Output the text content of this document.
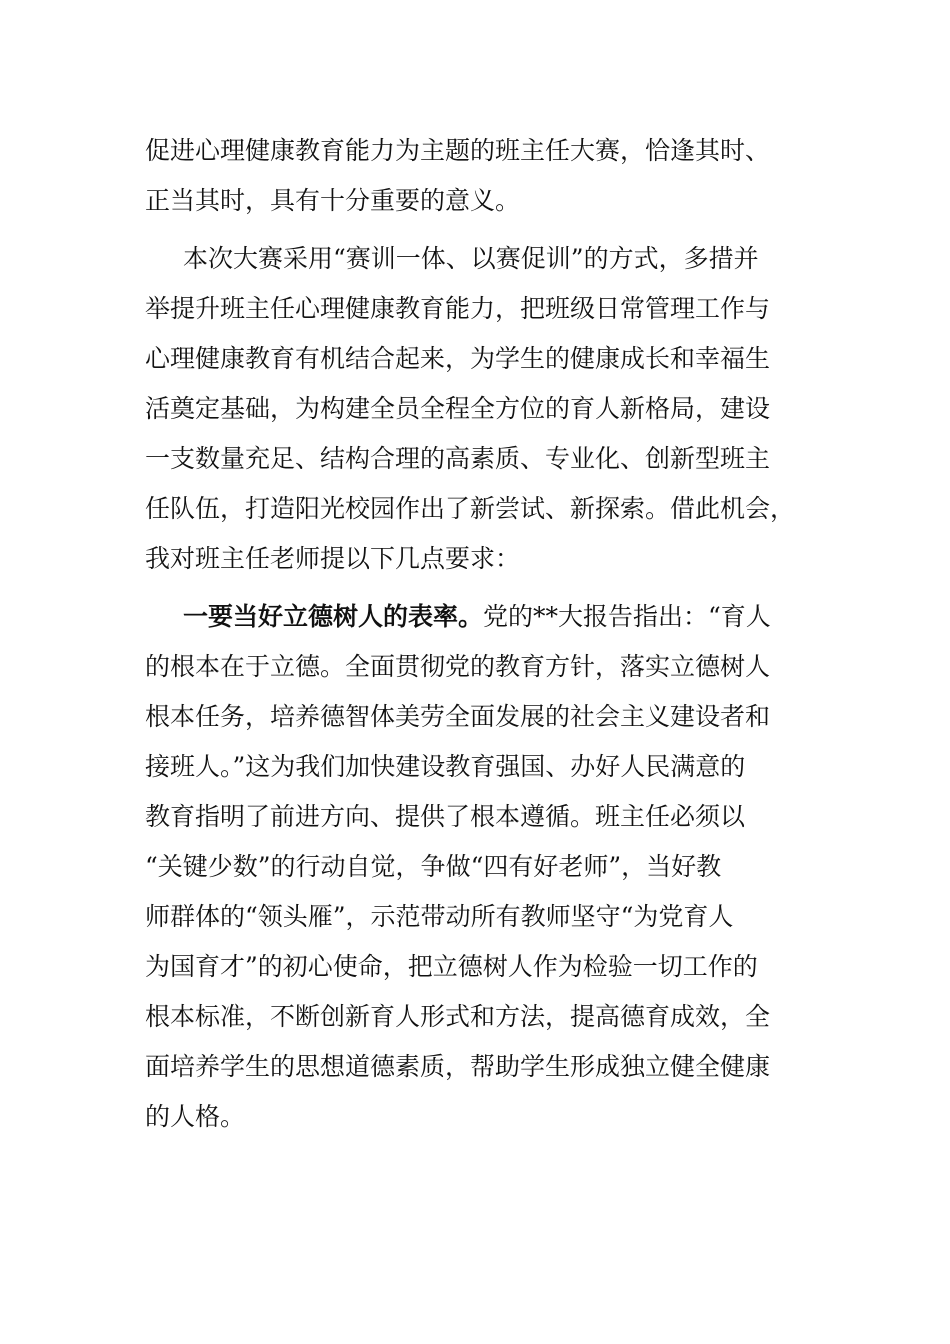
促进心理健康教育能力为主题的班主任大赛，恰逢其时、
正当其时，具有十分重要的意义。
本次大赛采用“赛训一体、以赛促训”的方式，多措并
举提升班主任心理健康教育能力，把班级日常管理工作与
心理健康教育有机结合起来，为学生的健康成长和幸福生
活奠定基础，为构建全员全程全方位的育人新格局，建设
一支数量充足、结构合理的高素质、专业化、创新型班主
任队伍，打造阳光校园作出了新尝试、新探索。借此机会，
我对班主任老师提以下几点要求：
一要当好立德树人的表率。党的**大报告指出：“育人
的根本在于立德。全面贯彻党的教育方针，落实立德树人
根本任务，培养德智体美劳全面发展的社会主义建设者和
接班人。”这为我们加快建设教育强国、办好人民满意的
教育指明了前进方向、提供了根本遵循。班主任必须以
“关键少数”的行动自觉，争做“四有好老师”，当好教
师群体的“领头雁”，示范带动所有教师坚守“为党育人
为国育才”的初心使命，把立德树人作为检验一切工作的
根本标准，不断创新育人形式和方法，提高德育成效，全
面培养学生的思想道德素质，帮助学生形成独立健全健康
的人格。
